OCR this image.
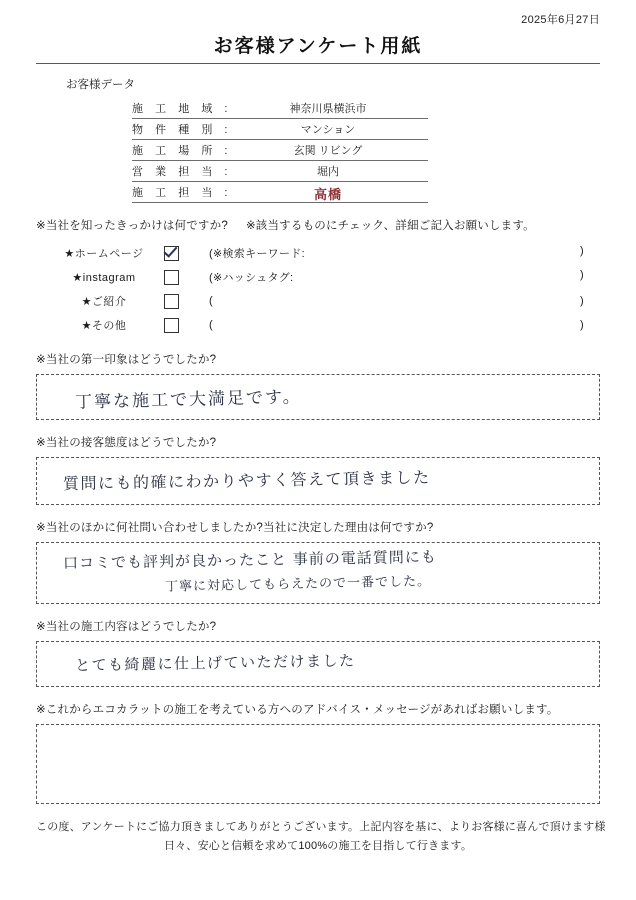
2025年6月27日
お客様アンケート用紙
お客様データ
施工地域:	神奈川県横浜市
物件種別:	マンション
施工場所:	玄関 リビング
営業担当:	堀内
施工担当:		高橋
※当社を知ったきっかけは何ですか? ※該当するものにチェック、詳細ご記入お願いします。
★ホームページ	(※検索キーワード:	)
★instagram	(※ハッシュタグ:	)
★ご紹介	(	)
★その他	(	)
※当社の第一印象はどうでしたか?
丁寧な施工で大満足です。
※当社の接客態度はどうでしたか?
質問にも的確にわかりやすく答えて頂きました
※当社のほかに何社問い合わせしましたか?当社に決定した理由は何ですか?
口コミでも評判が良かったこと 事前の電話質問にも
丁寧に対応してもらえたので一番でした。
※当社の施工内容はどうでしたか?
とても綺麗に仕上げていただけました
※これからエコカラットの施工を考えている方へのアドバイス・メッセージがあればお願いします。
この度、アンケートにご協力頂きましてありがとうございます。上記内容を基に、よりお客様に喜んで頂けます様
日々、安心と信頼を求めて100%の施工を目指して行きます。
